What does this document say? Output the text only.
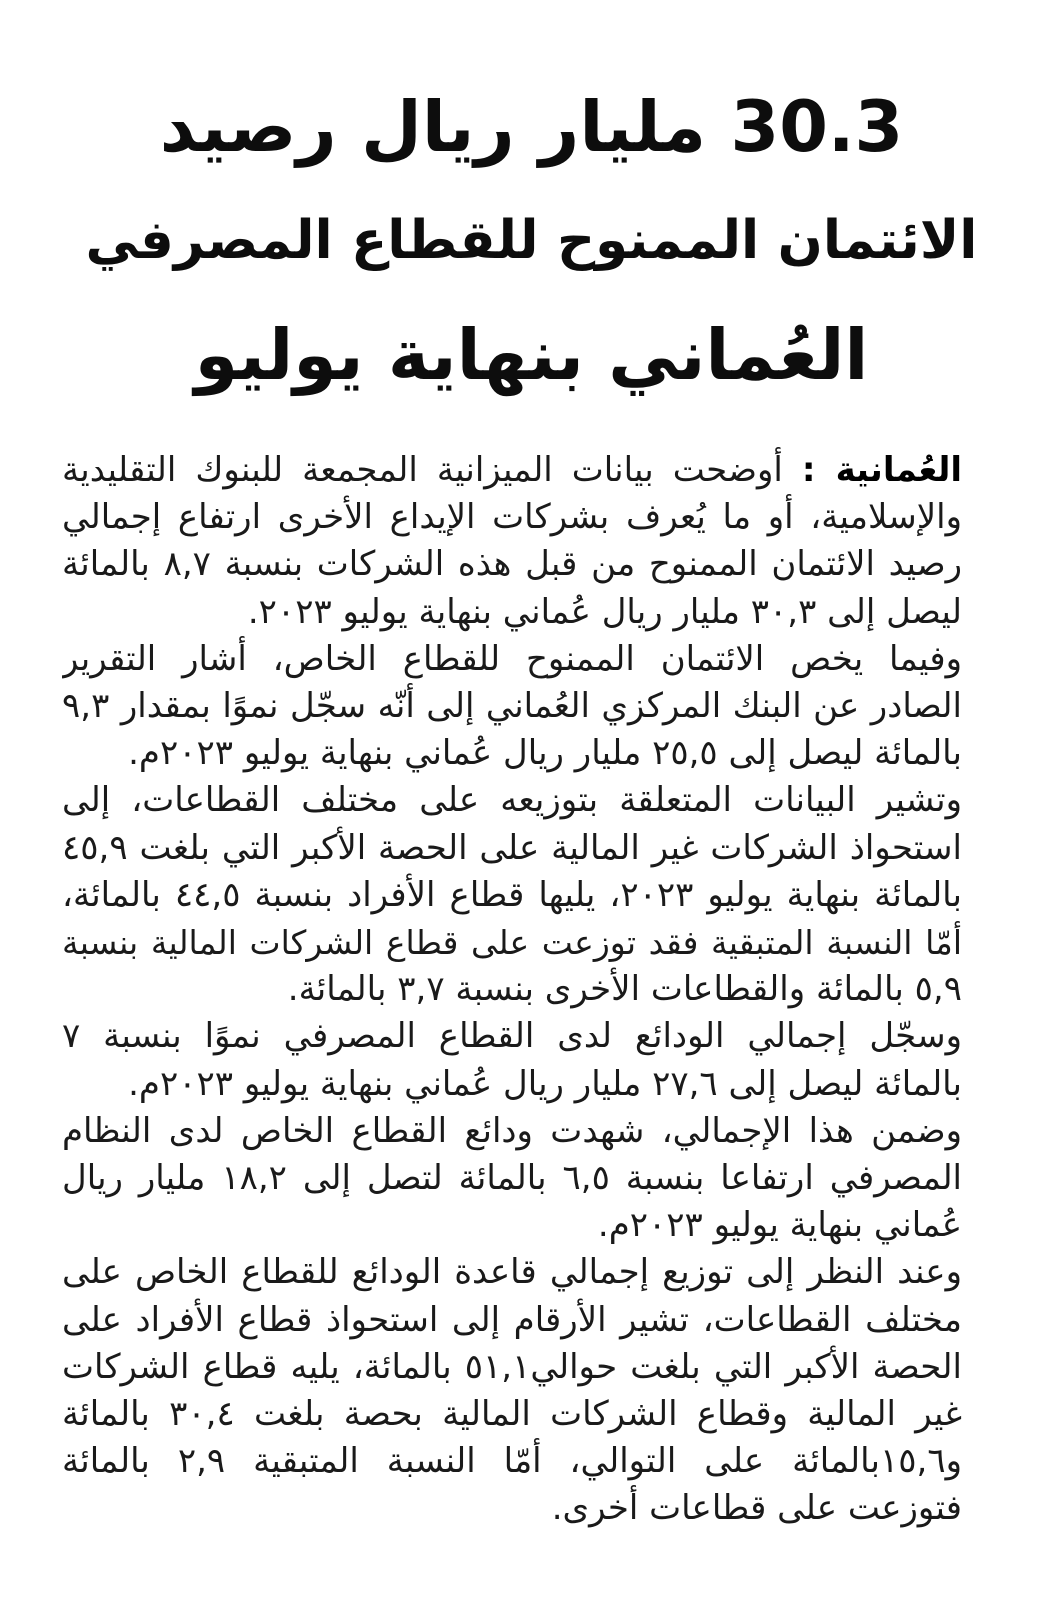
30.3 مليار ريال رصيد
الائتمان الممنوح للقطاع المصرفي
العُماني بنهاية يوليو
العُمانية : أوضحت بيانات الميزانية المجمعة للبنوك التقليدية
والإسلامية، أو ما يُعرف بشركات الإيداع الأخرى ارتفاع إجمالي
رصيد الائتمان الممنوح من قبل هذه الشركات بنسبة ٨,٧ بالمائة
ليصل إلى ٣٠,٣ مليار ريال عُماني بنهاية يوليو ٢٠٢٣.
وفيما يخص الائتمان الممنوح للقطاع الخاص، أشار التقرير
الصادر عن البنك المركزي العُماني إلى أنّه سجّل نموًا بمقدار ٩,٣
بالمائة ليصل إلى ٢٥,٥ مليار ريال عُماني بنهاية يوليو ٢٠٢٣م.
وتشير البيانات المتعلقة بتوزيعه على مختلف القطاعات، إلى
استحواذ الشركات غير المالية على الحصة الأكبر التي بلغت ٤٥,٩
بالمائة بنهاية يوليو ٢٠٢٣، يليها قطاع الأفراد بنسبة ٤٤,٥ بالمائة،
أمّا النسبة المتبقية فقد توزعت على قطاع الشركات المالية بنسبة
٥,٩ بالمائة والقطاعات الأخرى بنسبة ٣,٧ بالمائة.
وسجّل إجمالي الودائع لدى القطاع المصرفي نموًا بنسبة ٧
بالمائة ليصل إلى ٢٧,٦ مليار ريال عُماني بنهاية يوليو ٢٠٢٣م.
وضمن هذا الإجمالي، شهدت ودائع القطاع الخاص لدى النظام
المصرفي ارتفاعا بنسبة ٦,٥ بالمائة لتصل إلى ١٨,٢ مليار ريال
عُماني بنهاية يوليو ٢٠٢٣م.
وعند النظر إلى توزيع إجمالي قاعدة الودائع للقطاع الخاص على
مختلف القطاعات، تشير الأرقام إلى استحواذ قطاع الأفراد على
الحصة الأكبر التي بلغت حوالي٥١,١ بالمائة، يليه قطاع الشركات
غير المالية وقطاع الشركات المالية بحصة بلغت ٣٠,٤ بالمائة
و١٥,٦بالمائة على التوالي، أمّا النسبة المتبقية ٢,٩ بالمائة
فتوزعت على قطاعات أخرى.
